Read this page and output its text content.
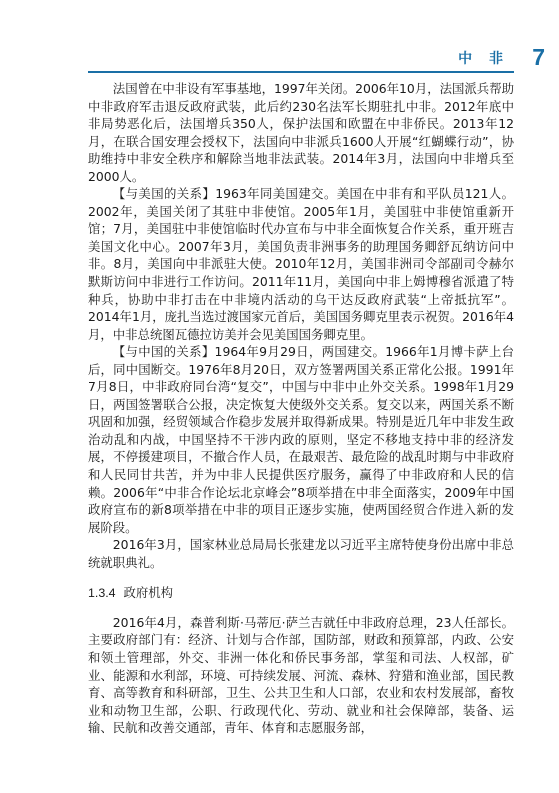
中 非 7

法国曾在中非设有军事基地，1997年关闭。2006年10月，法国派兵帮助中非政府军击退反政府武装，此后约230名法军长期驻扎中非。2012年底中非局势恶化后，法国增兵350人，保护法国和欧盟在中非侨民。2013年12月，在联合国安理会授权下，法国向中非派兵1600人开展“红蝴蝶行动”，协助维持中非安全秩序和解除当地非法武装。2014年3月，法国向中非增兵至2000人。

【与美国的关系】1963年同美国建交。美国在中非有和平队员121人。2002年，美国关闭了其驻中非使馆。2005年1月，美国驻中非使馆重新开馆；7月，美国驻中非使馆临时代办宣布与中非全面恢复合作关系，重开班吉美国文化中心。2007年3月，美国负责非洲事务的助理国务卿舒瓦纳访问中非。8月，美国向中非派驻大使。2010年12月，美国非洲司令部副司令赫尔默斯访问中非进行工作访问。2011年11月，美国向中非上姆博穆省派遣了特种兵，协助中非打击在中非境内活动的乌干达反政府武装“上帝抵抗军”。2014年1月，庞扎当选过渡国家元首后，美国国务卿克里表示祝贺。2016年4月，中非总统图瓦德拉访美并会见美国国务卿克里。

【与中国的关系】1964年9月29日，两国建交。1966年1月博卡萨上台后，同中国断交。1976年8月20日，双方签署两国关系正常化公报。1991年7月8日，中非政府同台湾“复交”，中国与中非中止外交关系。1998年1月29日，两国签署联合公报，决定恢复大使级外交关系。复交以来，两国关系不断巩固和加强，经贸领域合作稳步发展并取得新成果。特别是近几年中非发生政治动乱和内战，中国坚持不干涉内政的原则，坚定不移地支持中非的经济发展，不停援建项目，不撤合作人员，在最艰苦、最危险的战乱时期与中非政府和人民同甘共苦，并为中非人民提供医疗服务，赢得了中非政府和人民的信赖。2006年“中非合作论坛北京峰会”8项举措在中非全面落实，2009年中国政府宣布的新8项举措在中非的项目正逐步实施，使两国经贸合作进入新的发展阶段。

2016年3月，国家林业总局局长张建龙以习近平主席特使身份出席中非总统就职典礼。

1.3.4 政府机构

2016年4月，森普利斯·马蒂厄·萨兰吉就任中非政府总理，23人任部长。主要政府部门有：经济、计划与合作部，国防部，财政和预算部，内政、公安和领土管理部，外交、非洲一体化和侨民事务部，掌玺和司法、人权部，矿业、能源和水利部，环境、可持续发展、河流、森林、狩猎和渔业部，国民教育、高等教育和科研部，卫生、公共卫生和人口部，农业和农村发展部，畜牧业和动物卫生部，公职、行政现代化、劳动、就业和社会保障部，装备、运输、民航和改善交通部，青年、体育和志愿服务部，
